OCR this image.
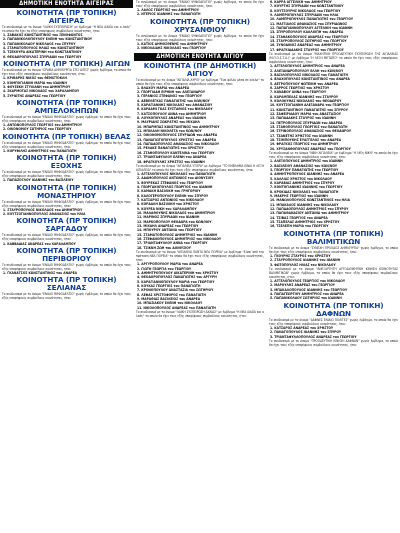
ΔΗΜΟΤΙΚΗ ΕΝΟΤΗΤΑ ΑΙΓΕΙΡΑΣ
ΚΟΙΝΟΤΗΤΑ (ΠΡ ΤΟΠΙΚΗ) ΑΙΓΕΙΡΑΣ
Το συνδυασμό με το όνομα "ΛΑΪΚΗ ΣΥΣΠΕΙΡΩΣΗ" με έμβλημα "Η ΝΕΑ ΑΧΑΪΑ και ο λαός" το οποίο θα έχει τα εξής υποψήφιους συμβούλους κοινότητας, ήτοι:
1. ΖΑΒΑΚΟΣ ΚΩΝΣΤΑΝΤΙΝΟΣ του ΞΕΝΟΦΩΝΤΟΣ
2. ΠΑΠΑΝΙΚΟΛΟΠΟΥΛΟΥ ΕΛΕΝΗ του ΚΩΝΣΤΑΝΤΙΝΟΥ
3. ΠΑΠΑΝΙΚΟΛΑΟΥ ΝΙΚΟΛΑΟΣ του ΣΠΥΡΟΥ
4. ΣΤΑΜΑΤΟΠΟΥΛΟΣ ΗΛΙΑΣ του ΚΩΝΣΤΑΝΤΙΝΟΥ
5. ΤΣΕΚΟΥΡΑ ΑΙΚΑΤΕΡΙΝΗ του ΚΩΝΣΤΑΝΤΙΝΟΥ
6. ΘΕΟΔΩΡΟΠΟΥΛΟΣ ΣΠΥΡΙΔΩΝ του ΓΕΩΡΓΙΟΥ
ΚΟΙΝΟΤΗΤΑ (ΠΡ ΤΟΠΙΚΗ) ΑΙΓΩΝ
Το συνδυασμό με το όνομα "ΟΡΑΜΑ ΔΗΜΙΟΥΡΓΙΑ ΣΤΙΣ ΑΙΓΕΣ" χωρίς έμβλημα, το οποίο θα έχει τους εξής υποψήφιους συμβούλους κοινότητας, ήτοι:
1. ΚΡΙΘΑΡΗΣ ΝΙΚΟΣ του ΘΕΜΙΣΤΟΚΛΗ
2. ΚΟΜΠΟΓΙΑΝΝΗ ΜΑΡΙΑ του ΙΩΑΝΝΗ
3. ΦΟΥΣΕΚΗ ΣΤΥΛΙΑΝΗ του ΔΗΜΗΤΡΙΟΥ
4. ΣΚΑΡΜΟΤΑΣ ΝΙΚΟΛΑΟΣ του ΧΑΡΑΛΑΜΠΟΥ
5. ΣΥΡΙΩΤΗΣ ΑΝΔΡΕΑΣ του ΓΕΩΡΓΙΟΥ
ΚΟΙΝΟΤΗΤΑ (ΠΡ ΤΟΠΙΚΗ) ΑΜΠΕΛΟΚΗΠΩΝ
Το συνδυασμό με το όνομα "ΕΝΙΑΙΟ ΨΗΦΟΔΕΛΤΙΟ" χωρίς έμβλημα, το οποίο θα έχει τους εξής υποψήφιους συμβούλους κοινότητας, ήτοι:
1. ΑΝΤΩΝΟΠΟΥΛΟΣ ΓΕΩΡΓΙΟΣ του ΔΗΜΗΤΡΙΟΥ
2. ΟΙΚΟΝΟΜΟΥ ΣΩΤΗΡΙΟΣ του ΓΕΩΡΓΙΟΥ
ΚΟΙΝΟΤΗΤΑ (ΠΡ ΤΟΠΙΚΗ) ΒΕΛΑΣ
Το συνδυασμό με το όνομα "ΕΝΙΑΙΟ ΨΗΦΟΔΕΛΤΙΟ" χωρίς έμβλημα, το οποίο θα έχει τους εξής υποψήφιους συμβούλους κοινότητας, ήτοι:
1. ΚΟΡΥΦΙΛΗΣ ΔΗΜΗΤΡΙΟΣ του ΠΑΝΑΓΙΩΤΗ
ΚΟΙΝΟΤΗΤΑ (ΠΡ ΤΟΠΙΚΗ) ΕΞΟΧΗΣ
Το συνδυασμό με το όνομα "ΕΝΙΑΙΟ ΨΗΦΟΔΕΛΤΙΟ" χωρίς έμβλημα, το οποίο θα έχει τους εξής υποψήφιους συμβούλους κοινότητας, ήτοι:
1. ΠΑΠΑΖΟΓΛΟΥ ΙΩΑΝΝΗΣ του ΒΑΣΙΛΕΙΟΥ
ΚΟΙΝΟΤΗΤΑ (ΠΡ ΤΟΠΙΚΗ) ΜΟΝΑΣΤΗΡΙΟΥ
Το συνδυασμό με το όνομα "ΕΝΙΑΙΟ ΨΗΦΟΔΕΛΤΙΟ" χωρίς έμβλημα, το οποίο θα έχει τους εξής υποψήφιους συμβούλους κοινότητας, ήτοι:
1. ΣΤΑΥΡΟΠΟΥΛΟΣ ΝΙΚΟΛΑΟΣ του ΔΗΜΗΤΡΙΟΥ
2. ΚΟΥΤΣΟΓΙΑΝΝΟΠΟΥΛΟΣ ΑΘΑΝΑΣΙΟΣ του ΗΛΙΑ
ΚΟΙΝΟΤΗΤΑ (ΠΡ ΤΟΠΙΚΗ) ΣΑΡΓΑΔΟΥ
Το συνδυασμό με το όνομα "ΕΝΙΑΙΟ ΨΗΦΟΔΕΛΤΙΟ" χωρίς έμβλημα, το οποίο θα έχει τους εξής υποψήφιους συμβούλους κοινότητας, ήτοι:
1. ΚΑΒΒΑΔΙΑΣ ΑΝΔΡΕΑΣ του ΧΑΡΑΛΑΜΠΟΥ
ΚΟΙΝΟΤΗΤΑ (ΠΡ ΤΟΠΙΚΗ) ΠΕΡΙΒΟΡΙΟΥ
Το συνδυασμό με το όνομα "ΕΝΙΑΙΟ ΨΗΦΟΔΕΛΤΙΟ" χωρίς έμβλημα, το οποίο θα έχει τους εξής υποψήφιους συμβούλους κοινότητας, ήτοι:
1. ΓΚΑΝΑΤΣΟΣ ΚΩΝΣΤΑΝΤΙΝΟΣ του ΑΝΔΡΕΑ
ΚΟΙΝΟΤΗΤΑ (ΠΡ ΤΟΠΙΚΗ) ΣΕΛΙΑΝΑΣ
Το συνδυασμό με το όνομα "ΕΝΙΑΙΟ ΨΗΦΟΔΕΛΤΙΟ" χωρίς έμβλημα, το οποίο θα έχει τους εξής υποψήφιους συμβούλους κοινότητας, ήτοι:
Το συνδυασμό με το όνομα "ΕΝΙΑΙΟ ΨΗΦΟΔΕΛΤΙΟ" χωρίς έμβλημα, το οποίο θα έχει τους εξής υποψήφιους συμβούλους κοινότητας, ήτοι:
1. ΛΑΛΟΣ ΓΕΩΡΓΙΟΣ του ΔΗΜΗΤΡΙΟΥ
2. ΝΤΕΡΙΟΣ ΙΩΑΝΝΗΣ του ΠΑΝΑΓΙΩΤΗ
ΚΟΙΝΟΤΗΤΑ (ΠΡ ΤΟΠΙΚΗ) ΧΡΥΣΑΝΘΙΟΥ
Το συνδυασμό με το όνομα "ΕΝΙΑΙΟ ΨΗΦΟΔΕΛΤΙΟ" χωρίς έμβλημα, το οποίο θα έχει τους εξής υποψήφιους συμβούλους κοινότητας, ήτοι:
1. ΚΑΤΙΟΣ ΔΗΜΟΣΘΕΝΗΣ του ΔΗΜΗΤΡΙΟΥ
2. ΝΙΚΟΛΑΪΔΗΣ ΝΙΚΟΛΑΟΣ του ΓΕΩΡΓΙΟΥ
ΔΗΜΟΤΙΚΗ ΕΝΟΤΗΤΑ ΑΙΓΙΟΥ
ΚΟΙΝΟΤΗΤΑ (ΠΡ ΔΗΜΟΤΙΚΗ) ΑΙΓΙΟΥ
Το συνδυασμό με το όνομα "ΑΙΓΙΑΛΙΑ ΑΥΡΙΟ" με έμβλημα "Ένα φύλλο μέσα σε κύκλο" το οποίο θα έχει τους εξής υποψήφιους συμβούλους κοινότητας, ήτοι:
1. ΒΛΑΧΟΥ ΜΑΡΙΑ του ΑΝΔΡΕΑ
2. ΓΕΩΡΓΙΑΔΗ ΕΙΡΗΝΗ του ΑΛΕΞΑΝΔΡΟΥ
3. ΓΕΡΑΝΙΟΣ ΣΤΕΦΑΝΟΣ του ΓΕΩΡΓΙΟΥ
4. ΔΕΒΕΛΕΓΚΑΣ ΠΑΝΑΓΙΩΤΗΣ του ΚΩΝ/ΝΟΥ
5. ΚΑΡΑΓΙΑΝΝΗΣ ΝΙΚΟΛΑΟΣ του ΑΘΑΝΑΣΙΟΥ
6. ΚΑΡΔΑΜΙ ΓΚΑΣ ΕΥΣΤΑΘΙΟΣ του ΝΙΚΟΛΑΟΥ
7. ΚΑΤΣΟΠΟΥΛΟΥ ΑΝΝΑ του ΔΗΜΗΤΡΙΟΥ
8. ΛΟΥΚΟΠΟΥΛΟΣ ΑΝΔΡΕΑΣ του ΙΩΑΝΝΗ
9. ΜΑΥΡΙΔΗΣ ΣΩΚΡΑΤΗΣ του ΜΙΧΑΗΛ
10. ΜΠΑΡΜΠΑΣ ΚΩΝΣΤΑΝΤΙΝΟΣ του ΔΗΜΗΤΡΙΟΥ
11. ΜΠΙΛΑΛΗ ΝΙΚΟΛΕΤΑ του ΚΩΝ/ΝΟΥ
12. ΟΙΚΟΝΟΜΟΠΟΥΛΟΣ ΣΠΥΡΙΔΩΝ του ΑΝΔΡΕΑ
13. ΠΑΝΑΓΙΩΤΟΠΟΥΛΟΣ ΧΡΗΣΤΟΣ του ΑΝΔΡΕΑ
14. ΠΑΠΑΔΟΠΟΥΛΟΣ ΑΘΑΝΑΣΙΟΣ του ΝΙΚΟΛΑΟΥ
15. ΡΕΛΑΚΕ ΠΑΝΑΓΙΩΤΗΣ του ΧΡΗΣΤΟΥ
16. ΣΤΑΘΟΠΟΥΛΟΥ ΚΑΝΤΕΛΙΝΑ του ΓΕΩΡΓΙΟΥ
17. ΤΡΙΑΝΤΑΦΥΛΛΟΥ ΕΛΕΝΗ του ΑΝΔΡΕΑ
18. ΦΡΑΓΚΟΥΛΗΣ ΧΡΗΣΤΟΣ του ΙΩΑΝΝΗ
Το συνδυασμό με το όνομα "ΑΙΓΙΑΛΕΙΑ ΥΤΟΡΑ" με έμβλημα "ΤΟ ΕΜΒΛΗΜΑ ΕΙΝΑΙ Η ΛΕΞΗ ΑΙΓΙΑΛΕΙΑ" το οποίο θα έχει τους εξής υποψήφιους συμβούλους κοινότητας, ήτοι:
1. ΑΓΓΕΛΟΠΟΥΛΟΣ ΝΙΚΟΛΑΟΣ του ΠΑΝΑΓΙΩΤΗ
2. ΑΔΑΜΟΠΟΥΛΟΣ ΑΝΤΩΝΙΟΣ του ΔΙΟΝΥΣΙΟΥ
3. ΒΟΥΡΕΚΑΣ ΣΤΕΦΑΝΟΣ του ΓΕΩΡΓΙΟΥ
4. ΓΕΩΡΓΑΚΟΠΟΥΛΟΣ ΓΕΩΡΓΙΟΣ του ΙΩΑΝΝΗ
5. ΚΑΜΑΚΗ ΒΑΣΙΛΙΚΗ του ΓΡΗΓΟΡΙΟΥ
6. ΚΑΛΟΓΕΡΟΠΟΥΛΟΥ ΕΛΕΝΗ του ΣΠΥΡΟΥ
7. ΚΑΤΣΑΡΟΣ ΑΝΤΩΝΙΟΣ του ΝΙΚΟΛΑΟΥ
8. ΚΟΡΔΑΛΗ ΒΑΣΙΛΙΚΗ του ΧΡΗΣΤΟΥ
9. ΚΟΥΡΕΑ ΝΙΚΗ του ΧΑΡΑΛΑΜΠΟΥ
10. ΜΑΛΑΘΟΥΝΗΣ ΝΙΚΟΛΑΟΣ του ΔΗΜΗΤΡΙΟΥ
11. ΜΑΡΙΝΟΣ ΣΠΥΡΙΔΩΝ του ΙΩΑΝΝΗ
12. ΜΑΡΚΟΠΟΥΛΟΥ ΘΕΟΔΩΡΑ του ΚΩΝ/ΝΟΥ
13. ΜΙΧΑΗΛ ΑΝΔΡΕΑΣ του ΓΕΩΡΓΙΟΥ
14. ΜΠΟΥΡΟΥ ΑΝΤΩΝΙΑ του ΓΕΩΡΓΙΟΥ
15. ΣΤΑΜΑΤΟΠΟΥΛΟΣ ΔΗΜΗΤΡΙΟΣ του ΙΩΑΝΝΗ
16. ΣΤΕΦΑΝΟΠΟΥΛΟΣ ΔΗΜΗΤΡΙΟΣ του ΝΙΚΟΛΑΟΥ
17. ΤΡΙΑΝΤΑΦΥΛΛΟΥ ΑΝΝΑ του ΓΕΩΡΓΙΟΥ
18. ΤΣΙΚΝΗ ΖΩΗ του ΔΙΟΝΥΣΙΟΥ
Το συνδυασμό με το όνομα "ΑΙΓΙΑΛΕΙΑ ΠΑΝΤΑ ΝΕΑ ΠΟΡΕΙΑ" με έμβλημα "Είναι από την πρόταση ΝΕΑ ΠΟΡΕΙΑ" το οποίο θα έχει τους εξής υποψήφιους συμβούλους κοινότητας, ήτοι:
1. ΑΡΓΥΡΟΠΟΥΛΟΥ ΜΑΡΙΑ του ΑΝΔΡΕΑ
2. ΓΙΩΤΗ ΓΕΩΡΓΙΑ του ΓΕΩΡΓΙΟΥ
3. ΔΗΜΗΤΡΟΠΟΥΛΟΥ ΑΙΚΑΤΕΡΙΝΗ του ΧΡΗΣΤΟΥ
4. ΘΕΟΔΟΡΟΠΟΥΛΟΣ ΠΑΝΑΓΙΩΤΗΣ του ΑΡΓΥΡΗ
5. ΚΑΡΑΓΙΑΝΝΟΠΟΥΛΟΥ ΜΑΡΙΑ του ΓΕΩΡΓΙΟΥ
6. ΚΟΥΚΑΣ ΓΕΩΡΓΙΟΣ του ΠΑΝΑΓΙΩΤΗ
7. ΚΡΟΝΟΠΟΥΛΟΥ ΑΝΑΣΤΑΣΙΑ του ΣΩΤΗΡΙΟΥ
8. ΛΕΦΑΣ ΧΡΙΣΤΟΦΟΡΟΣ του ΠΑΝΑΓΙΩΤΗ
9. ΜΑΡΑΘΙΑΣ ΒΑΣΙΛΕΙΟΣ του ΑΝΔΡΕΑ
10. ΜΠΑΣΙΑΚΟΥ ΕΛΕΝΗ του ΝΙΚΟΛΑΟΥ
11. ΝΙΚΟΛΟΠΟΥΛΟΣ ΑΝΔΡΕΑΣ του ΠΑΝΑΓΙΩΤΗ
Το συνδυασμό με το όνομα "ΛΑΪΚΗ ΣΥΣΠΕΙΡΩΣΗ ΑΧΑΪΑΣ" με έμβλημα "Η ΝΕΑ ΑΧΑΪΑ και ο λαός" το οποίο θα έχει τους εξής υποψήφιους συμβούλους κοινότητας, ήτοι:
6. ΚΑΡΡΑ ΑΓΓΕΛΙΚΗ του ΔΗΜΗΤΡΙΟΥ
7. ΚΟΥΡΤΗΣ ΣΠΥΡΙΔΩΝ του ΚΩΝΣΤΑΝΤΙΝΟΥ
8. ΚΟΥΤΣΟΥΡΗΣ ΝΙΚΟΛΑΟΣ του ΓΕΩΡΓΙΟΥ
9. ΛΑΜΠΡΟΠΟΥΛΟΣ ΣΠΥΡΙΔΩΝ του ΗΛΙΑ
10. ΛΑΜΠΡΟΠΟΥΛΟΣ ΠΑΝΑΓΙΩΤΗΣ του ΓΕΩΡΓΙΟΥ
11. ΜΑΓΓΙΑΛΟΣ ΑΘΑΝΑΣΙΟΣ του ΣΠΥΡΙΔΩΝΟΣ
12. ΠΑΠΑΓΙΑΝΝΟΠΟΥΛΟΥ ΑΓΓΕΛΙΚΗ του ΙΩΑΝΝΗ
13. ΣΠΥΡΟΠΟΥΛΟΥ ΚΑΛΛΙΟΠΗ του ΑΝΔΡΕΑ
14. ΣΤΑΘΑΚΟΠΟΥΛΟΣ ΑΝΔΡΕΑΣ του ΓΕΩΡΓΙΟΥ
15. ΣΤΑΥΡΟΠΟΥΛΟΣ ΣΩΤΗΡΙΟΣ του ΓΕΩΡΓΙΟΥ
16. ΣΥΝΟΔΙΝΟΣ ΑΝΔΡΕΑΣ του ΔΗΜΗΤΡΙΟΥ
17. ΦΡΑΓΚΙΑΔΑΚΗΣ ΣΤΑΥΡΟΣ του ΓΕΩΡΓΙΟΥ
Το συνδυασμό με το όνομα "ΜΑΧΗΤΙΚΗ ΠΡΟΟΔΕΥΤΙΚΗ ΣΥΣΠΕΙΡΩΣΗ ΤΗΣ ΑΙΓΙΑΛΕΙΑΣ (Μ.Π.Ο.Σ.Τ.Α.)" με έμβλημα "Η ΛΕΞΗ ΜΕΤΩΠΟ" το οποίο θα έχει τους εξής υποψήφιους συμβούλους κοινότητας, ήτοι:
1. ΑΓΓΕΛΟΠΟΥΛΟΣ ΔΗΜΗΤΡΙΟΣ του ΑΝΔΡΕΑ
2. ΑΛΕΞΑΝΔΡΟΠΟΥΛΟΥ ΕΛΛΗ του ΚΩΝ/ΝΟΥ
3. ΒΑΣΙΛΟΠΟΥΛΟΣ ΝΙΚΟΛΑΟΣ του ΠΑΝΑΓΙΩΤΗ
4. ΒΛΑΧΟΠΟΥΛΟΣ ΚΩΝΣΤΑΝΤΙΝΟΣ του ΑΝΔΡΕΑ
5. ΔΕΤΡΟΠΟΥΛΟΥ ΦΩΤΕΙΝΗ του ΑΝΔΡΕΑ
6. ΖΑΡΡΟΣ ΓΕΩΡΓΙΟΣ του ΧΡΗΣΤΟΥ
7. ΚΑΝΑΒΟΥ ΑΝΝΑ του ΓΕΩΡΓΙΟΥ
8. ΚΑΡΑΜΠΕΛΑΣ ΙΩΑΝΝΗΣ του ΣΤΑΥΡΟΥ
9. ΚΟΛΟΚΥΘΑΣ ΝΙΚΟΛΑΟΣ του ΘΕΟΔΩΡΟΥ
10. ΚΟΥΤΣΟΓΙΑΝΝΗ ΑΛΕΞΑΝΔΡΑ του ΓΕΩΡΓΙΟΥ
11. ΚΩΝΣΤΑΝΤΙΝΟΥ ΠΑΝΑΓΙΩΤΗΣ του ΣΠΥΡΟΥ
12. ΖΑΦΕΙΡΙΑΔΟΥ ΜΑΡΙΑ του ΑΝΑΣΤΑΣΙΟΥ
13. ΠΑΠΑΔΑΚΗΣ ΣΤΑΥΡΟΣ του ΙΩΑΝΝΗ
14. ΠΕΤΡΟΠΟΥΛΟΣ ΣΠΥΡΙΔΩΝ του ΑΝΔΡΕΑ
15. ΣΤΑΘΟΠΟΥΛΟΣ ΓΕΩΡΓΙΟΣ του ΠΑΝΑΓΙΩΤΗ
16. ΣΤΡΙΝΟΠΟΥΛΟΣ ΑΘΑΝΑΣΙΟΣ του ΘΕΟΔΩΡΟΥ
17. ΤΖΑΝΕΤΗΣ ΧΡΗΣΤΟΣ του ΙΩΑΝΝΗ
18. ΤΣΙΜΠΟΥΚΗΣ ΕΥΑΓΓΕΛΟΣ του ΑΝΔΡΕΑ
19. ΦΡΑΓΚΟΣ ΓΕΩΡΓΙΟΣ του ΔΗΜΗΤΡΙΟΥ
20. ΧΡΥΣΑΝΘΟΠΟΥΛΟΣ ΑΝΔΡΕΑΣ του ΓΕΩΡΓΙΟΥ
Το συνδυασμό με το όνομα "ΝΙΚΗ ΑΙΓΙΑΛΕΙΑ" με έμβλημα "Η λέξη ΝΙΚΗ" το οποίο θα έχει τους εξής υποψήφιους συμβούλους κοινότητας, ήτοι:
1. ΑΛΕΞΟΠΟΥΛΟΣ ΔΗΜΗΤΡΙΟΣ του ΙΩΑΝΝΗ
2. ΒΑΣΙΛΕΙΟΥ ΑΘΑΝΑΣΙΟΣ του ΚΩΝ/ΝΟΥ
3. ΓΕΩΡΓΙΟΥ ΠΑΝΑΓΙΩΤΗΣ του ΓΕΩΡΓΙΟΥ
4. ΔΗΜΗΤΡΟΠΟΥΛΟΣ ΙΩΑΝΝΗΣ του ΑΝΔΡΕΑ
5. ΚΑΛΛΙΑΣ ΧΡΗΣΤΟΣ του ΝΙΚΟΛΑΟΥ
6. ΚΑΡΑΒΙΑΣ ΔΗΜΗΤΡΙΟΣ του ΣΠΥΡΟΥ
7. ΚΟΝΤΟΓΙΑΝΝΗΣ ΙΩΑΝΝΗΣ του ΓΕΩΡΓΙΟΥ
8. ΚΡΟΚΙΔΑΣ ΝΙΚΟΛΑΟΣ του ΠΑΝΑΓΙΩΤΗ
9. ΜΑΚΡΗΣ ΓΕΩΡΓΙΟΣ του ΙΩΑΝΝΗ
10. ΜΑΝΩΛΟΠΟΥΛΟΣ ΚΩΝΣΤΑΝΤΙΝΟΣ του ΗΛΙΑ
11. ΜΠΑΚΑΛΟΣ ΙΩΑΝΝΗΣ του ΝΙΚΟΛΑΟΥ
12. ΠΑΠΑΔΟΠΟΥΛΟΣ ΔΗΜΗΤΡΙΟΣ του ΣΠΥΡΟΥ
13. ΠΑΠΑΘΑΝΑΣΙΟΥ ΑΝΤΩΝΙΑ του ΔΗΜΗΤΡΙΟΥ
14. ΤΖΙΒΑΣ ΓΕΩΡΓΙΟΣ του ΑΝΔΡΕΑ
15. ΤΣΑΠΕΛΑΣ ΔΗΜΗΤΡΙΟΣ του ΧΡΗΣΤΟΥ
16. ΤΣΕΛΕΠΗ ΜΑΡΙΑ του ΓΕΩΡΓΙΟΥ
ΚΟΙΝΟΤΗΤΑ (ΠΡ ΤΟΠΙΚΗ) ΒΑΛΙΜΙΤΙΚΩΝ
Το συνδυασμό με το όνομα "ΣΥΝΕΧΗ ΠΡΟΟΔΟΣ ΔΗΜΙΟΥΡΓΙΑ" χωρίς έμβλημα, το οποίο θα έχει τους εξής υποψήφιους συμβούλους κοινότητας, ήτοι:
1. ΓΚΟΥΡΗΣ ΣΤΑΥΡΟΣ του ΧΡΗΣΤΟΥ
2. ΣΤΑΥΡΟΠΟΥΛΟΣ ΙΩΑΝΝΗΣ του ΙΩΑΝΝΗ
3. ΦΩΤΟΠΟΥΛΟΣ ΗΛΙΑΣ του ΝΙΚΟΛΑΟΥ
Το συνδυασμό με το όνομα "ΑΝΕΞΑΡΤΗΤΗ ΑΥΤΟΔΙΟΙΚΗΤΙΚΗ ΚΙΝΗΣΗ ΚΟΙΝΟΤΗΤΑΣ ΒΑΛΙΜΙΤΙΚΩΝ" χωρίς έμβλημα, το οποίο θα έχει τους εξής υποψήφιους συμβούλους κοινότητας, ήτοι:
1. ΑΓΓΕΛΟΠΟΥΛΟΣ ΓΕΩΡΓΙΟΣ του ΝΙΚΟΛΑΟΥ
2. ΜΑΡΟΥΛΗΣ ΑΝΔΡΕΑΣ του ΓΕΩΡΓΙΟΥ
3. ΜΠΑΚΑΛΟΠΟΥΛΟΣ ΙΩΑΝΝΗΣ του ΓΕΩΡΓΙΟΥ
4. ΠΑΠΑΓΕΩΡΓΙΟΥ ΔΗΜΗΤΡΙΟΣ του ΑΝΔΡΕΑ
5. ΠΑΠΑΝΙΚΟΛΑΟΥ ΣΩΤΗΡΙΟΣ του ΙΩΑΝΝΗ
ΚΟΙΝΟΤΗΤΑ (ΠΡ ΤΟΠΙΚΗ) ΔΑΦΝΩΝ
Το συνδυασμό με το όνομα "ΔΑΦΝΕΣ ΕΝΙΑΙΟ ΠΟΛΙΤΕΣ" χωρίς έμβλημα, το οποίο θα έχει τους εξής υποψήφιους συμβούλους κοινότητας, ήτοι:
1. ΚΑΤΣΑΡΟΣ ΑΝΔΡΕΑΣ του ΧΡΗΣΤΟΥ
2. ΠΑΝΑΓΟΠΟΥΛΟΣ ΙΩΑΝΝΗΣ του ΣΠΥΡΟΥ
3. ΤΡΙΑΝΤΑΦΥΛΛΟΠΟΥΛΟΣ ΑΝΔΡΕΑΣ του ΓΕΩΡΓΙΟΥ
Το συνδυασμό με το όνομα "ΠΡΟΟΔΕΥΤΙΚΗ ΚΙΝΗΣΗ ΔΑΦΝΩΝ" χωρίς έμβλημα, το οποίο θα έχει τους εξής υποψήφιους συμβούλους κοινότητας, ήτοι:
